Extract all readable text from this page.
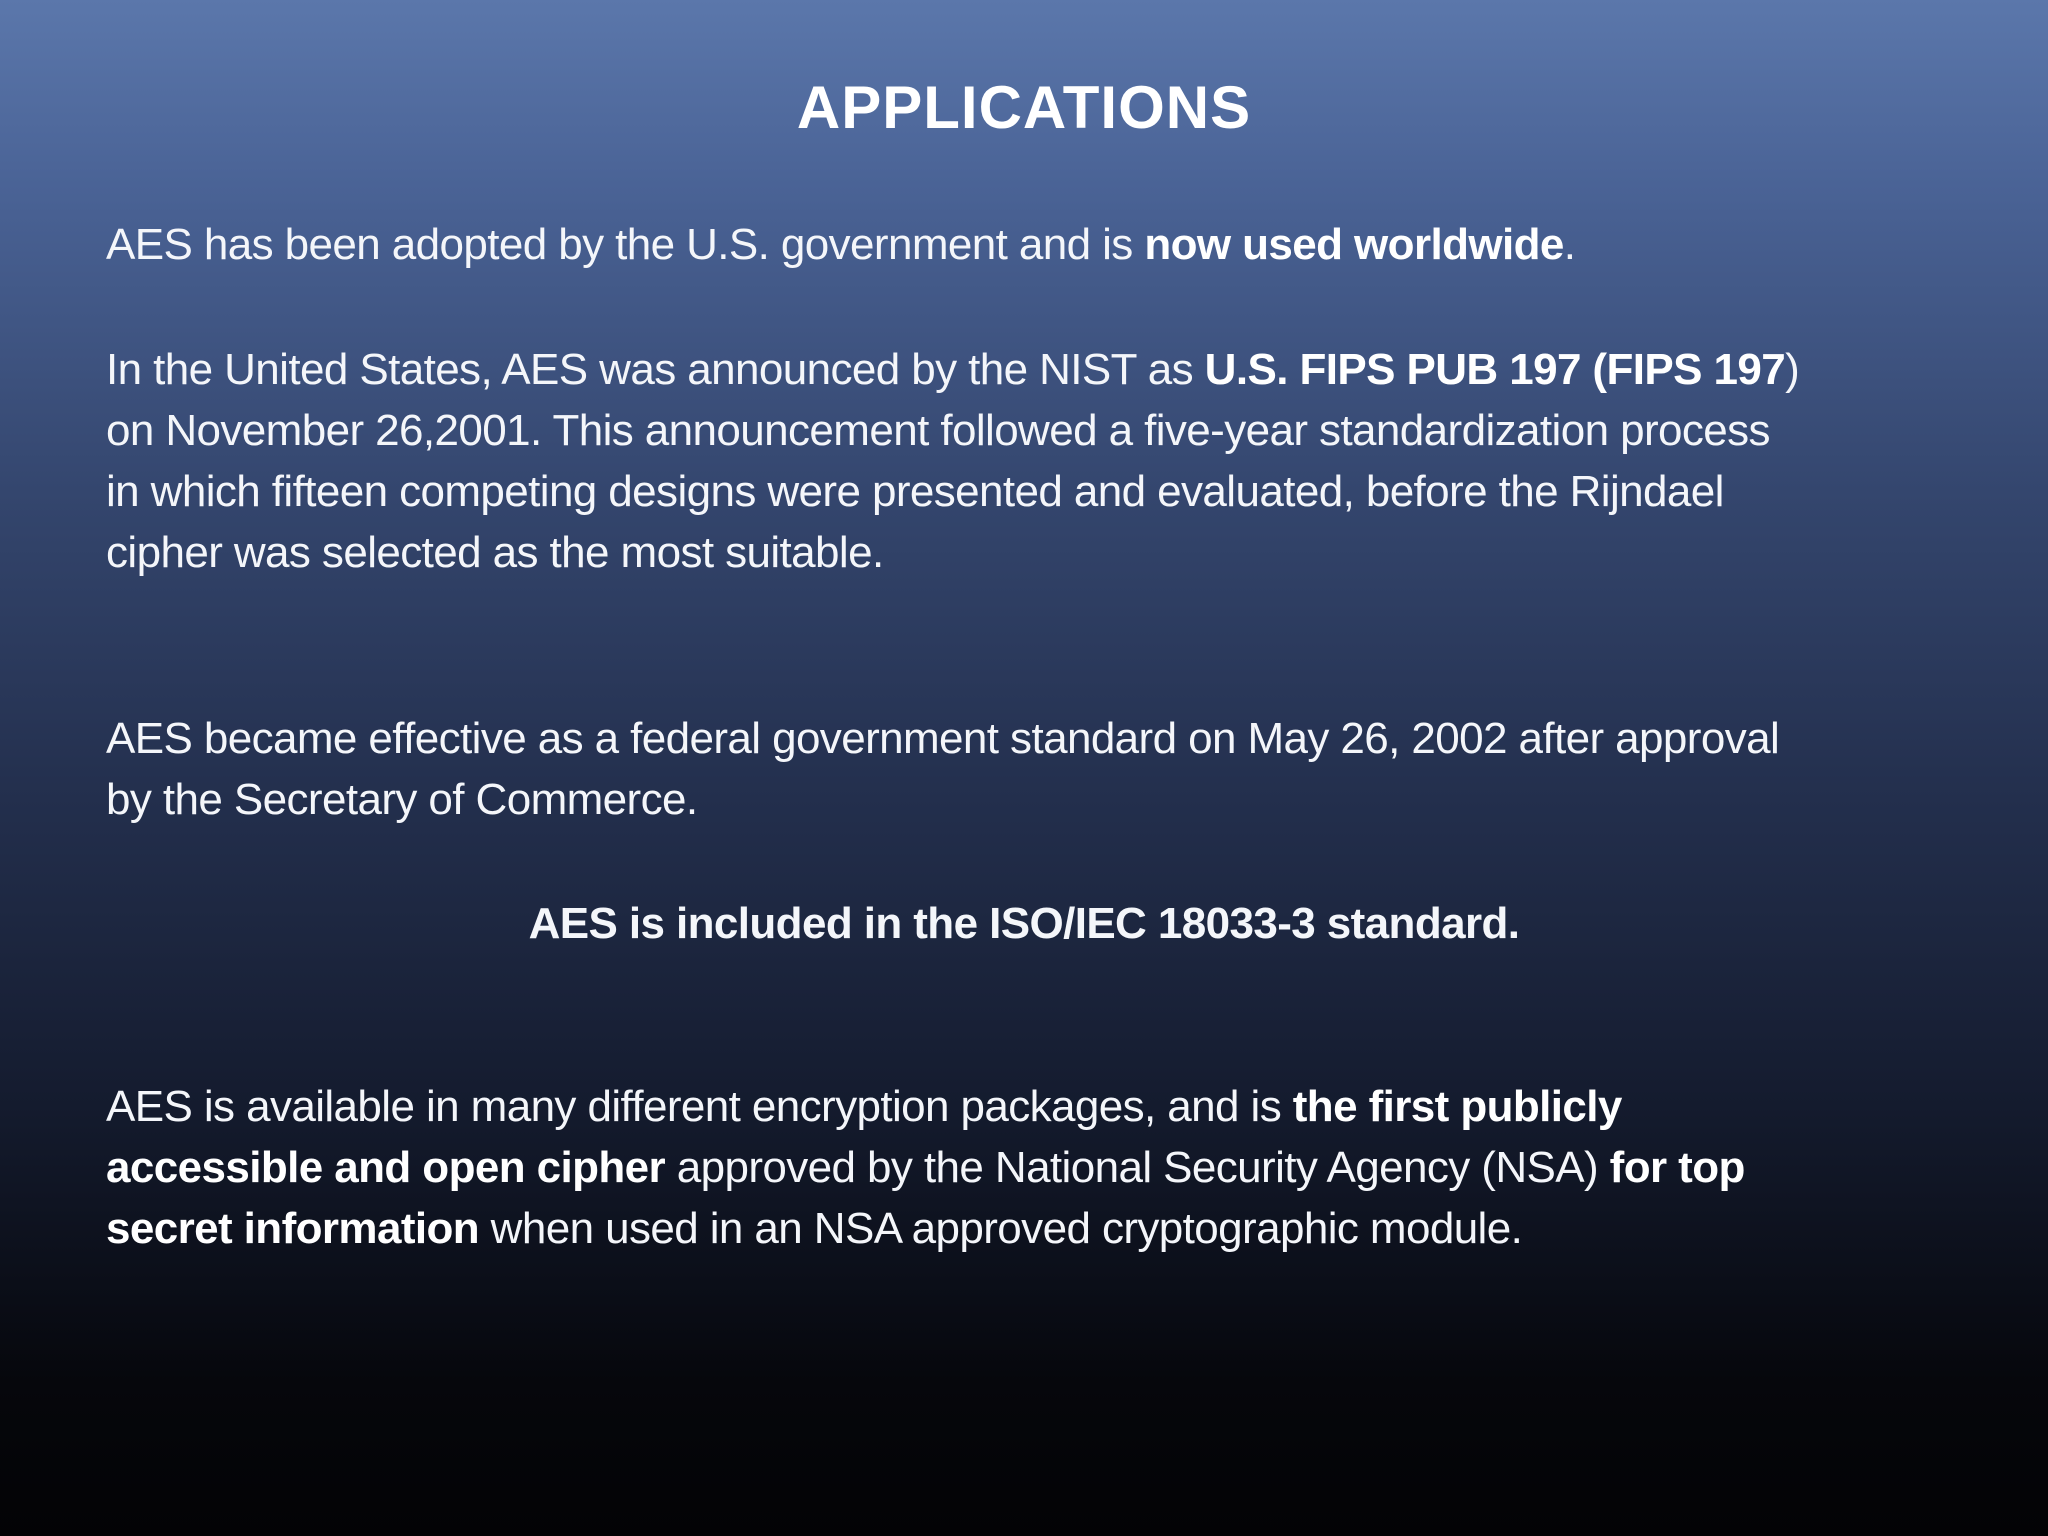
APPLICATIONS
AES has been adopted by the U.S. government and is now used worldwide.
In the United States, AES was announced by the NIST as U.S. FIPS PUB 197 (FIPS 197)
on November 26,2001. This announcement followed a five-year standardization process
in which fifteen competing designs were presented and evaluated, before the Rijndael
cipher was selected as the most suitable.
AES became effective as a federal government standard on May 26, 2002 after approval
by the Secretary of Commerce.
AES is included in the ISO/IEC 18033-3 standard.
AES is available in many different encryption packages, and is the first publicly
accessible and open cipher approved by the National Security Agency (NSA) for top
secret information when used in an NSA approved cryptographic module.
